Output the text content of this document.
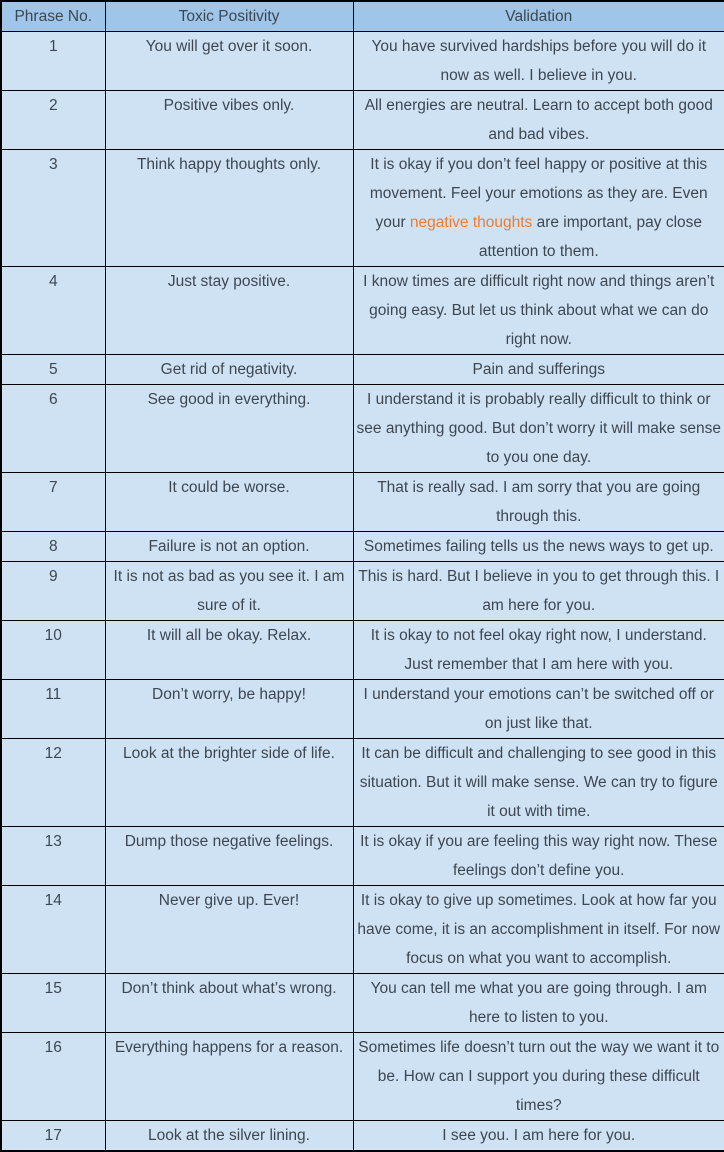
Phrase No.	Toxic Positivity	Validation
1	You will get over it soon.	You have survived hardships before you will do it now as well. I believe in you.
2	Positive vibes only.	All energies are neutral. Learn to accept both good and bad vibes.
3	Think happy thoughts only.	It is okay if you don’t feel happy or positive at this movement. Feel your emotions as they are. Even your negative thoughts are important, pay close attention to them.
4	Just stay positive.	I know times are difficult right now and things aren’t going easy. But let us think about what we can do right now.
5	Get rid of negativity.	Pain and sufferings
6	See good in everything.	I understand it is probably really difficult to think or see anything good. But don’t worry it will make sense to you one day.
7	It could be worse.	That is really sad. I am sorry that you are going through this.
8	Failure is not an option.	Sometimes failing tells us the news ways to get up.
9	It is not as bad as you see it. I am sure of it.	This is hard. But I believe in you to get through this. I am here for you.
10	It will all be okay. Relax.	It is okay to not feel okay right now, I understand. Just remember that I am here with you.
11	Don’t worry, be happy!	I understand your emotions can’t be switched off or on just like that.
12	Look at the brighter side of life.	It can be difficult and challenging to see good in this situation. But it will make sense. We can try to figure it out with time.
13	Dump those negative feelings.	It is okay if you are feeling this way right now. These feelings don’t define you.
14	Never give up. Ever!	It is okay to give up sometimes. Look at how far you have come, it is an accomplishment in itself. For now focus on what you want to accomplish.
15	Don’t think about what’s wrong.	You can tell me what you are going through. I am here to listen to you.
16	Everything happens for a reason.	Sometimes life doesn’t turn out the way we want it to be. How can I support you during these difficult times?
17	Look at the silver lining.	I see you. I am here for you.
